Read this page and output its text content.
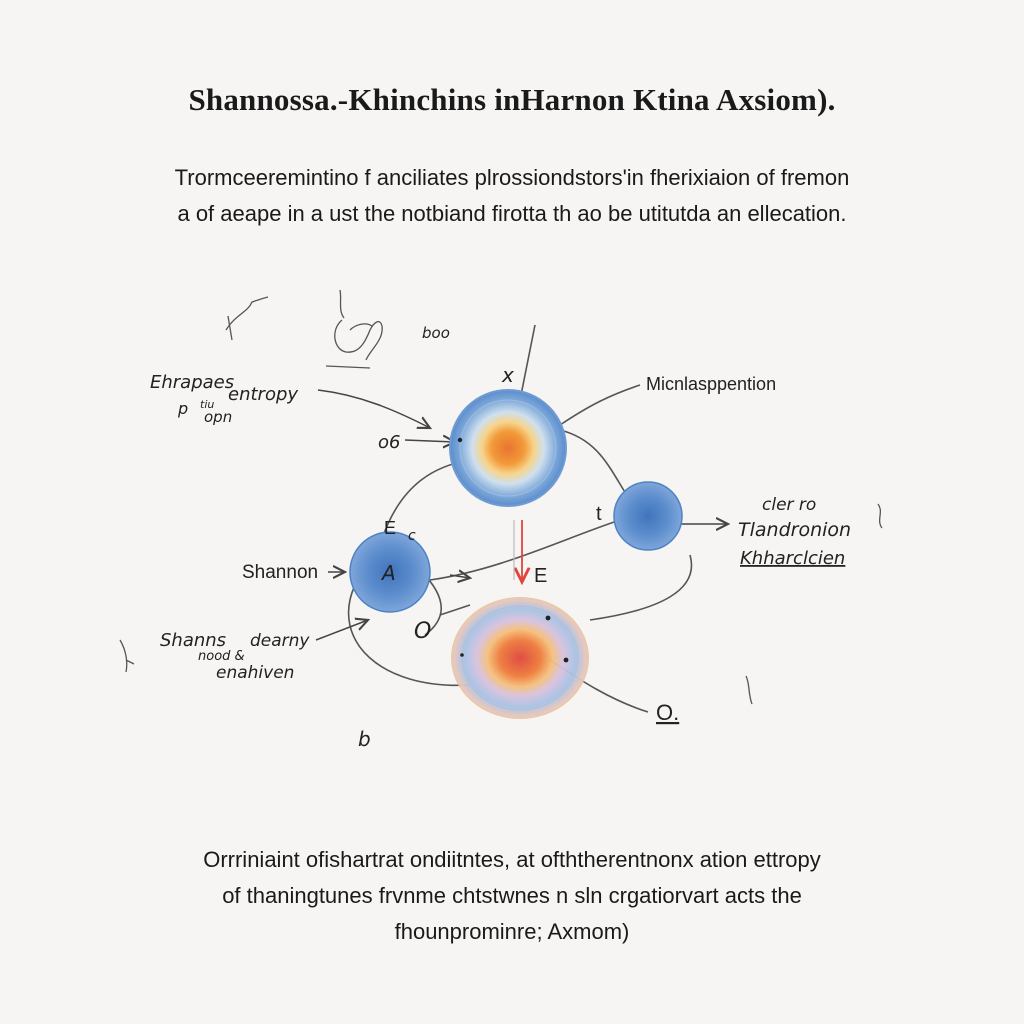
Shannossa.-Khinchins inHarnon Ktina Axsiom).
Trormceeremintino f anciliates plrossiondstors'in fherixiaion of fremon
a of aeape in a ust the notbiand firotta th ao be utitutda an ellecation.
Ehrapaes
entropy
p tiu
opn
boo
x
o6
Micnlasppention
t	cler ro
Tlandronion
Khharclcien
E c
Shannon	A	E
Shanns dearny
nood &
enahiven
O
O.
b
Orrriniaint ofishartrat ondiitntes, at ofththerentnonx ation ettropy
of thaningtunes frvnme chtstwnes n sln crgatiorvart acts the
fhounprominre; Axmom)
